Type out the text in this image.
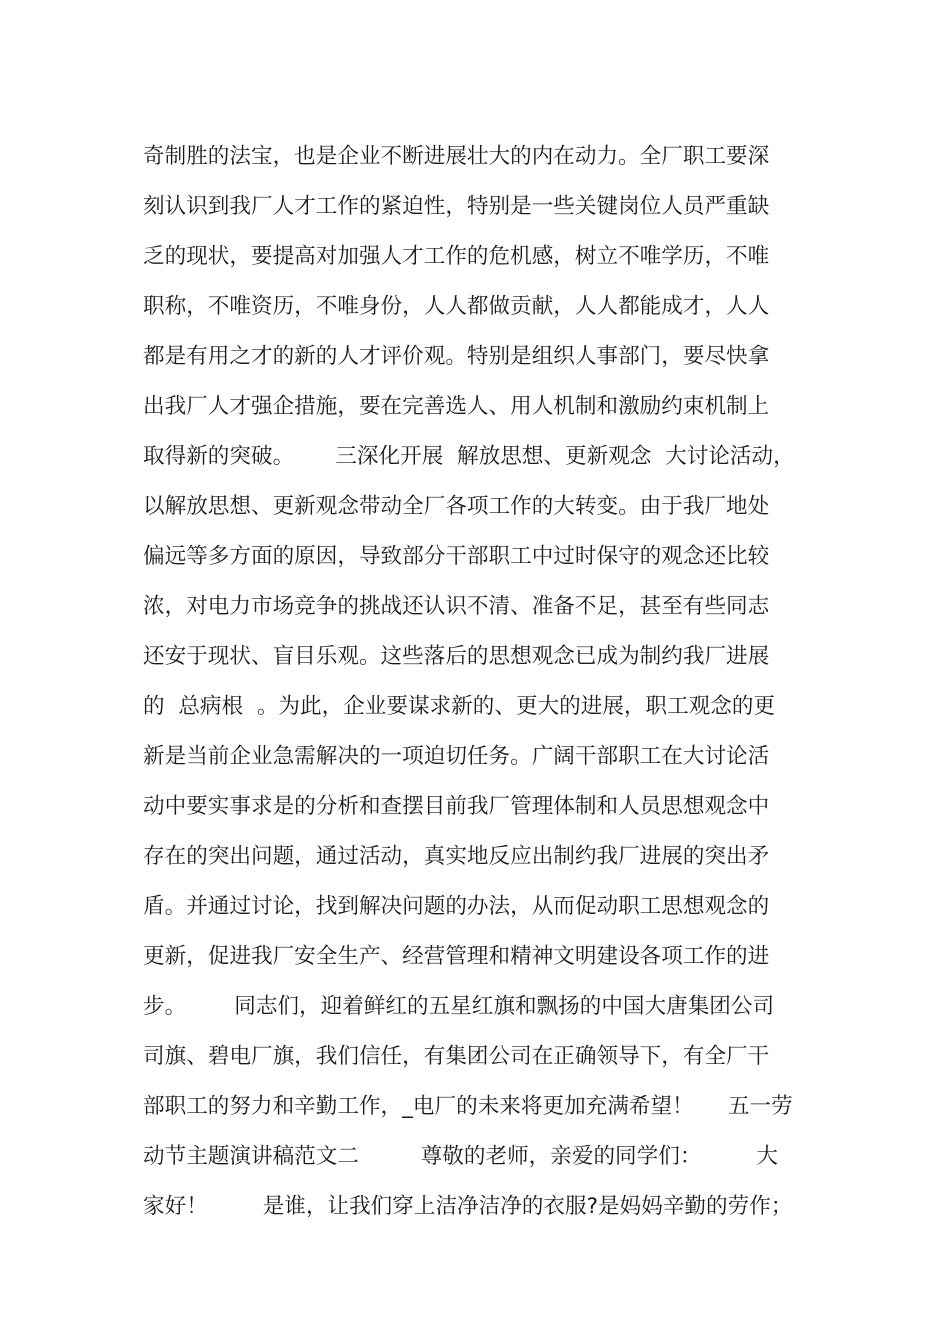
奇制胜的法宝，也是企业不断进展壮大的内在动力。全厂职工要深
刻认识到我厂人才工作的紧迫性，特别是一些关键岗位人员严重缺
乏的现状，要提高对加强人才工作的危机感，树立不唯学历，不唯
职称，不唯资历，不唯身份，人人都做贡献，人人都能成才，人人
都是有用之才的新的人才评价观。特别是组织人事部门，要尽快拿
出我厂人才强企措施，要在完善选人、用人机制和激励约束机制上
取得新的突破。      三深化开展  解放思想、更新观念  大讨论活动，
以解放思想、更新观念带动全厂各项工作的大转变。由于我厂地处
偏远等多方面的原因，导致部分干部职工中过时保守的观念还比较
浓，对电力市场竞争的挑战还认识不清、准备不足，甚至有些同志
还安于现状、盲目乐观。这些落后的思想观念已成为制约我厂进展
的  总病根  。为此，企业要谋求新的、更大的进展，职工观念的更
新是当前企业急需解决的一项迫切任务。广阔干部职工在大讨论活
动中要实事求是的分析和查摆目前我厂管理体制和人员思想观念中
存在的突出问题，通过活动，真实地反应出制约我厂进展的突出矛
盾。并通过讨论，找到解决问题的办法，从而促动职工思想观念的
更新，促进我厂安全生产、经营管理和精神文明建设各项工作的进
步。       同志们，迎着鲜红的五星红旗和飘扬的中国大唐集团公司
司旗、碧电厂旗，我们信任，有集团公司在正确领导下，有全厂干
部职工的努力和辛勤工作，_电厂的未来将更加充满希望！     五一劳
动节主题演讲稿范文二         尊敬的老师，亲爱的同学们：        大
家好！        是谁，让我们穿上洁净洁净的衣服?是妈妈辛勤的劳作；
